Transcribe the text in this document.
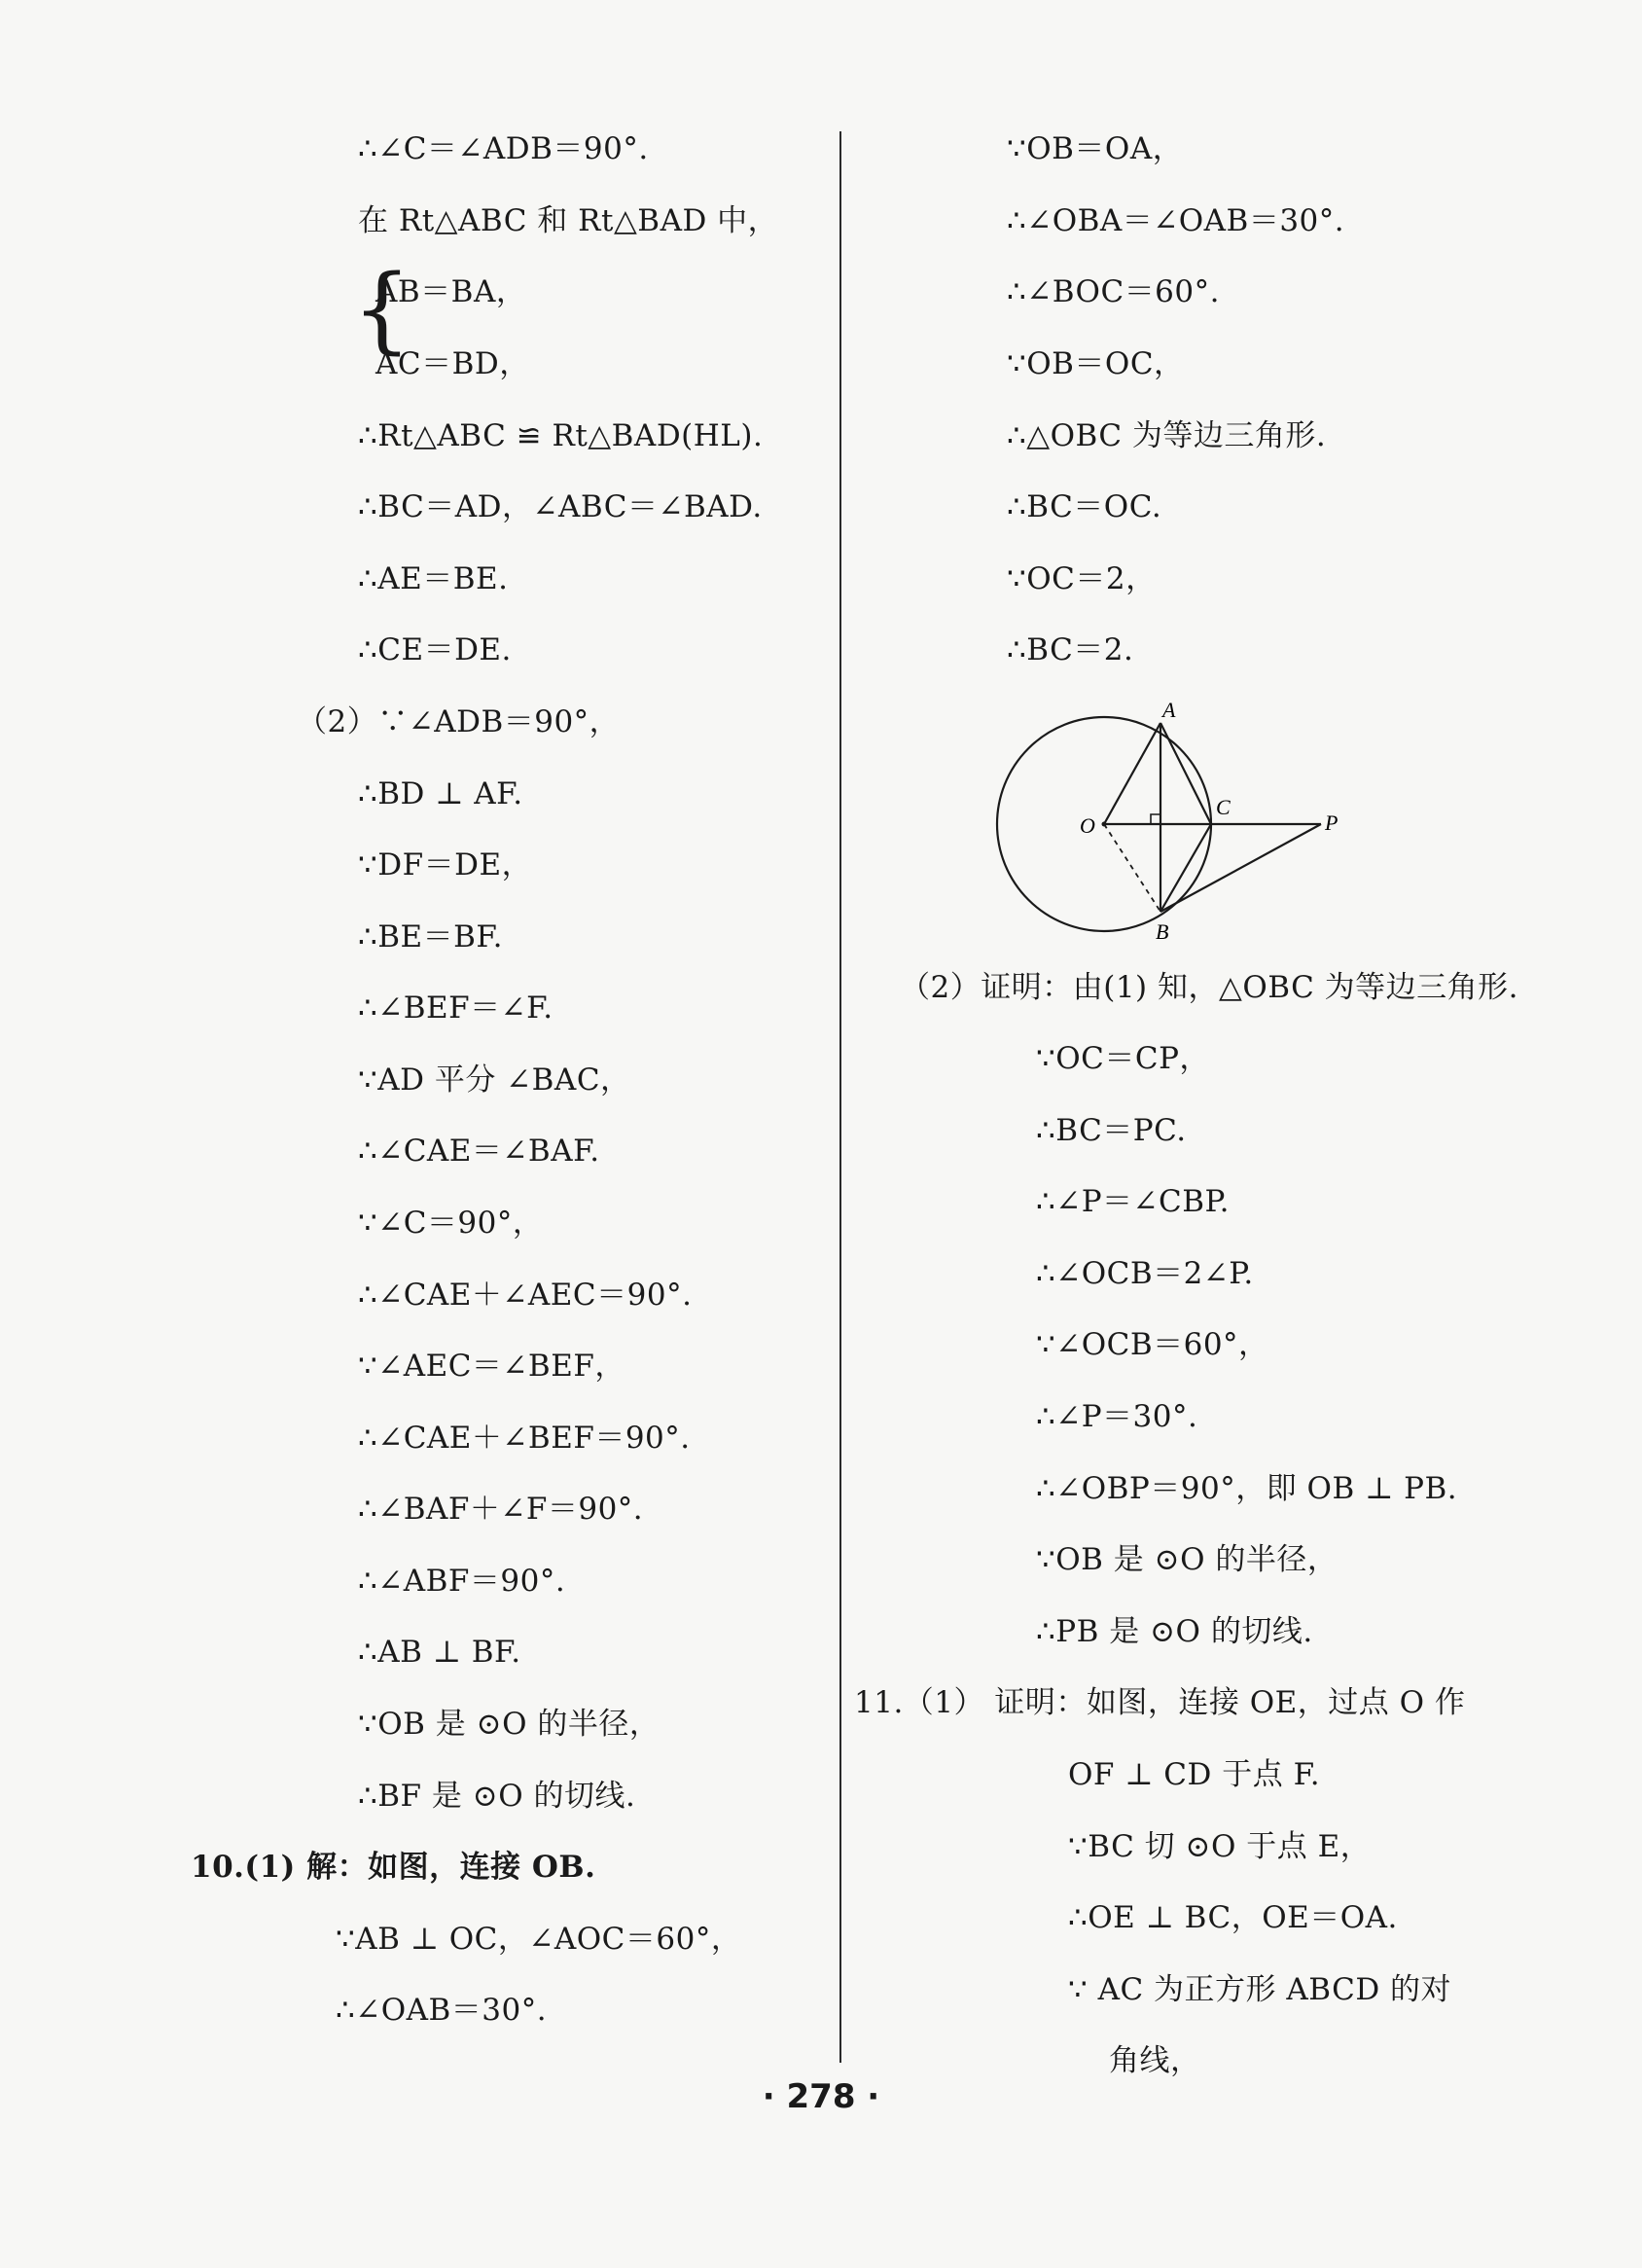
∴∠C＝∠ADB＝90°.
在 Rt△ABC 和 Rt△BAD 中，
{
AB＝BA，
AC＝BD，
∴Rt△ABC ≌ Rt△BAD(HL).
∴BC＝AD，∠ABC＝∠BAD.
∴AE＝BE.
∴CE＝DE.
（2）∵∠ADB＝90°，
∴BD ⊥ AF.
∵DF＝DE，
∴BE＝BF.
∴∠BEF＝∠F.
∵AD 平分 ∠BAC，
∴∠CAE＝∠BAF.
∵∠C＝90°，
∴∠CAE＋∠AEC＝90°.
∵∠AEC＝∠BEF，
∴∠CAE＋∠BEF＝90°.
∴∠BAF＋∠F＝90°.
∴∠ABF＝90°.
∴AB ⊥ BF.
∵OB 是 ⊙O 的半径，
∴BF 是 ⊙O 的切线.
10.(1) 解：如图，连接 OB.
∵AB ⊥ OC，∠AOC＝60°，
∴∠OAB＝30°.
∵OB＝OA，
∴∠OBA＝∠OAB＝30°.
∴∠BOC＝60°.
∵OB＝OC，
∴△OBC 为等边三角形.
∴BC＝OC.
∵OC＝2，
∴BC＝2.
A
O
C
P
B
（2）证明：由(1) 知，△OBC 为等边三角形.
∵OC＝CP，
∴BC＝PC.
∴∠P＝∠CBP.
∴∠OCB＝2∠P.
∵∠OCB＝60°，
∴∠P＝30°.
∴∠OBP＝90°，即 OB ⊥ PB.
∵OB 是 ⊙O 的半径，
∴PB 是 ⊙O 的切线.
11.（1） 证明：如图，连接 OE，过点 O 作
OF ⊥ CD 于点 F.
∵BC 切 ⊙O 于点 E，
∴OE ⊥ BC，OE＝OA.
∵ AC 为正方形 ABCD 的对
角线，
· 278 ·
